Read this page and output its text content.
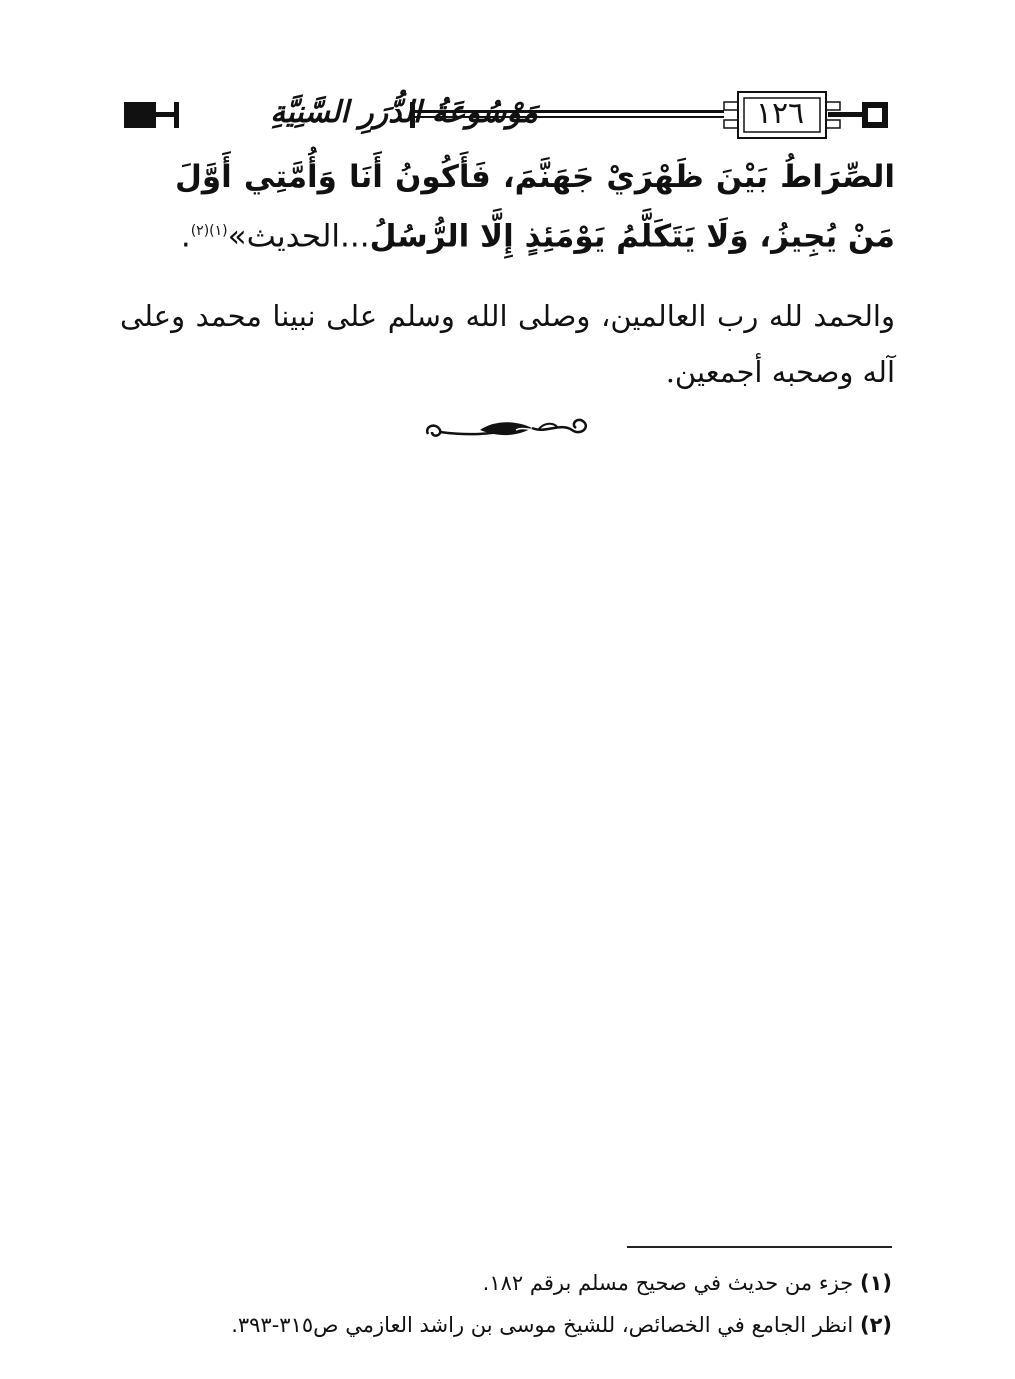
١٢٦
مَوْسُوعَةُ الدُّرَرِ السَّنِيَّةِ
الصِّرَاطُ بَيْنَ ظَهْرَيْ جَهَنَّمَ، فَأَكُونُ أَنَا وَأُمَّتِي أَوَّلَ مَنْ يُجِيزُ، وَلَا يَتَكَلَّمُ يَوْمَئِذٍ إِلَّا الرُّسُلُ...الحديث»$^{(١)(٢)}$.
والحمد لله رب العالمين، وصلى الله وسلم على نبينا محمد وعلى آله وصحبه أجمعين.
(١) جزء من حديث في صحيح مسلم برقم ١٨٢.
(٢) انظر الجامع في الخصائص، للشيخ موسى بن راشد العازمي ص٣١٥-٣٩٣.
